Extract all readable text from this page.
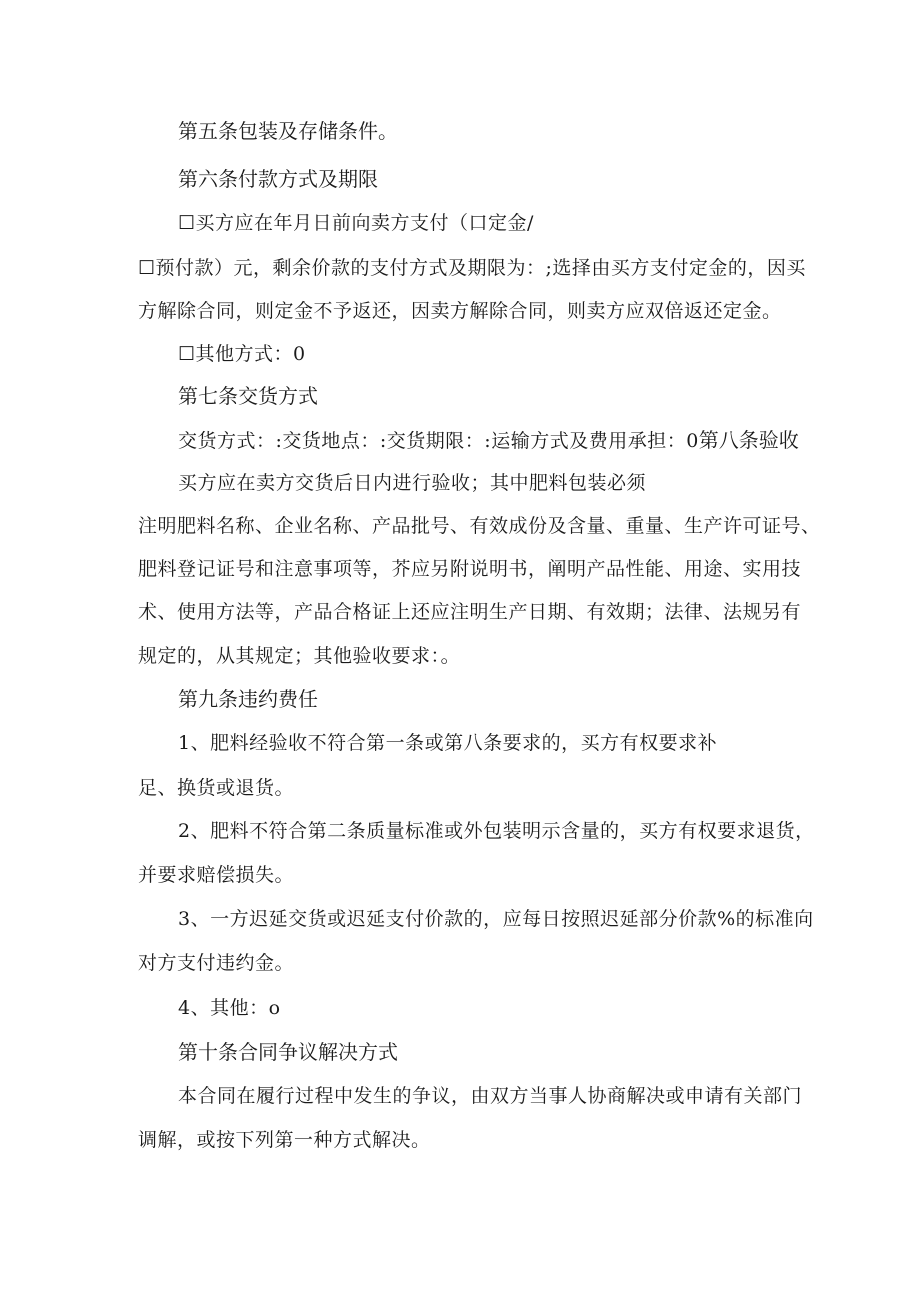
第五条包装及存储条件。

第六条付款方式及期限

☐买方应在年月日前向卖方支付（口定金/

☐预付款）元，剩余价款的支付方式及期限为：;选择由买方支付定金的，因买

方解除合同，则定金不予返还，因卖方解除合同，则卖方应双倍返还定金。

☐其他方式：0

第七条交货方式

交货方式：:交货地点：:交货期限：:运输方式及费用承担：0第八条验收

买方应在卖方交货后日内进行验收；其中肥料包装必须

注明肥料名称、企业名称、产品批号、有效成份及含量、重量、生产许可证号、

肥料登记证号和注意事项等，芥应另附说明书，阐明产品性能、用途、实用技

术、使用方法等，产品合格证上还应注明生产日期、有效期；法律、法规另有

规定的，从其规定；其他验收要求：。

第九条违约费任

1、肥料经验收不符合第一条或第八条要求的，买方有权要求补

足、换货或退货。

2、肥料不符合第二条质量标准或外包装明示含量的，买方有权要求退货，

并要求赔偿损失。

3、一方迟延交货或迟延支付价款的，应每日按照迟延部分价款%的标准向

对方支付违约金。

4、其他：o

第十条合同争议解决方式

本合同在履行过程中发生的争议，由双方当事人协商解决或申请有关部门

调解，或按下列第一种方式解决。
